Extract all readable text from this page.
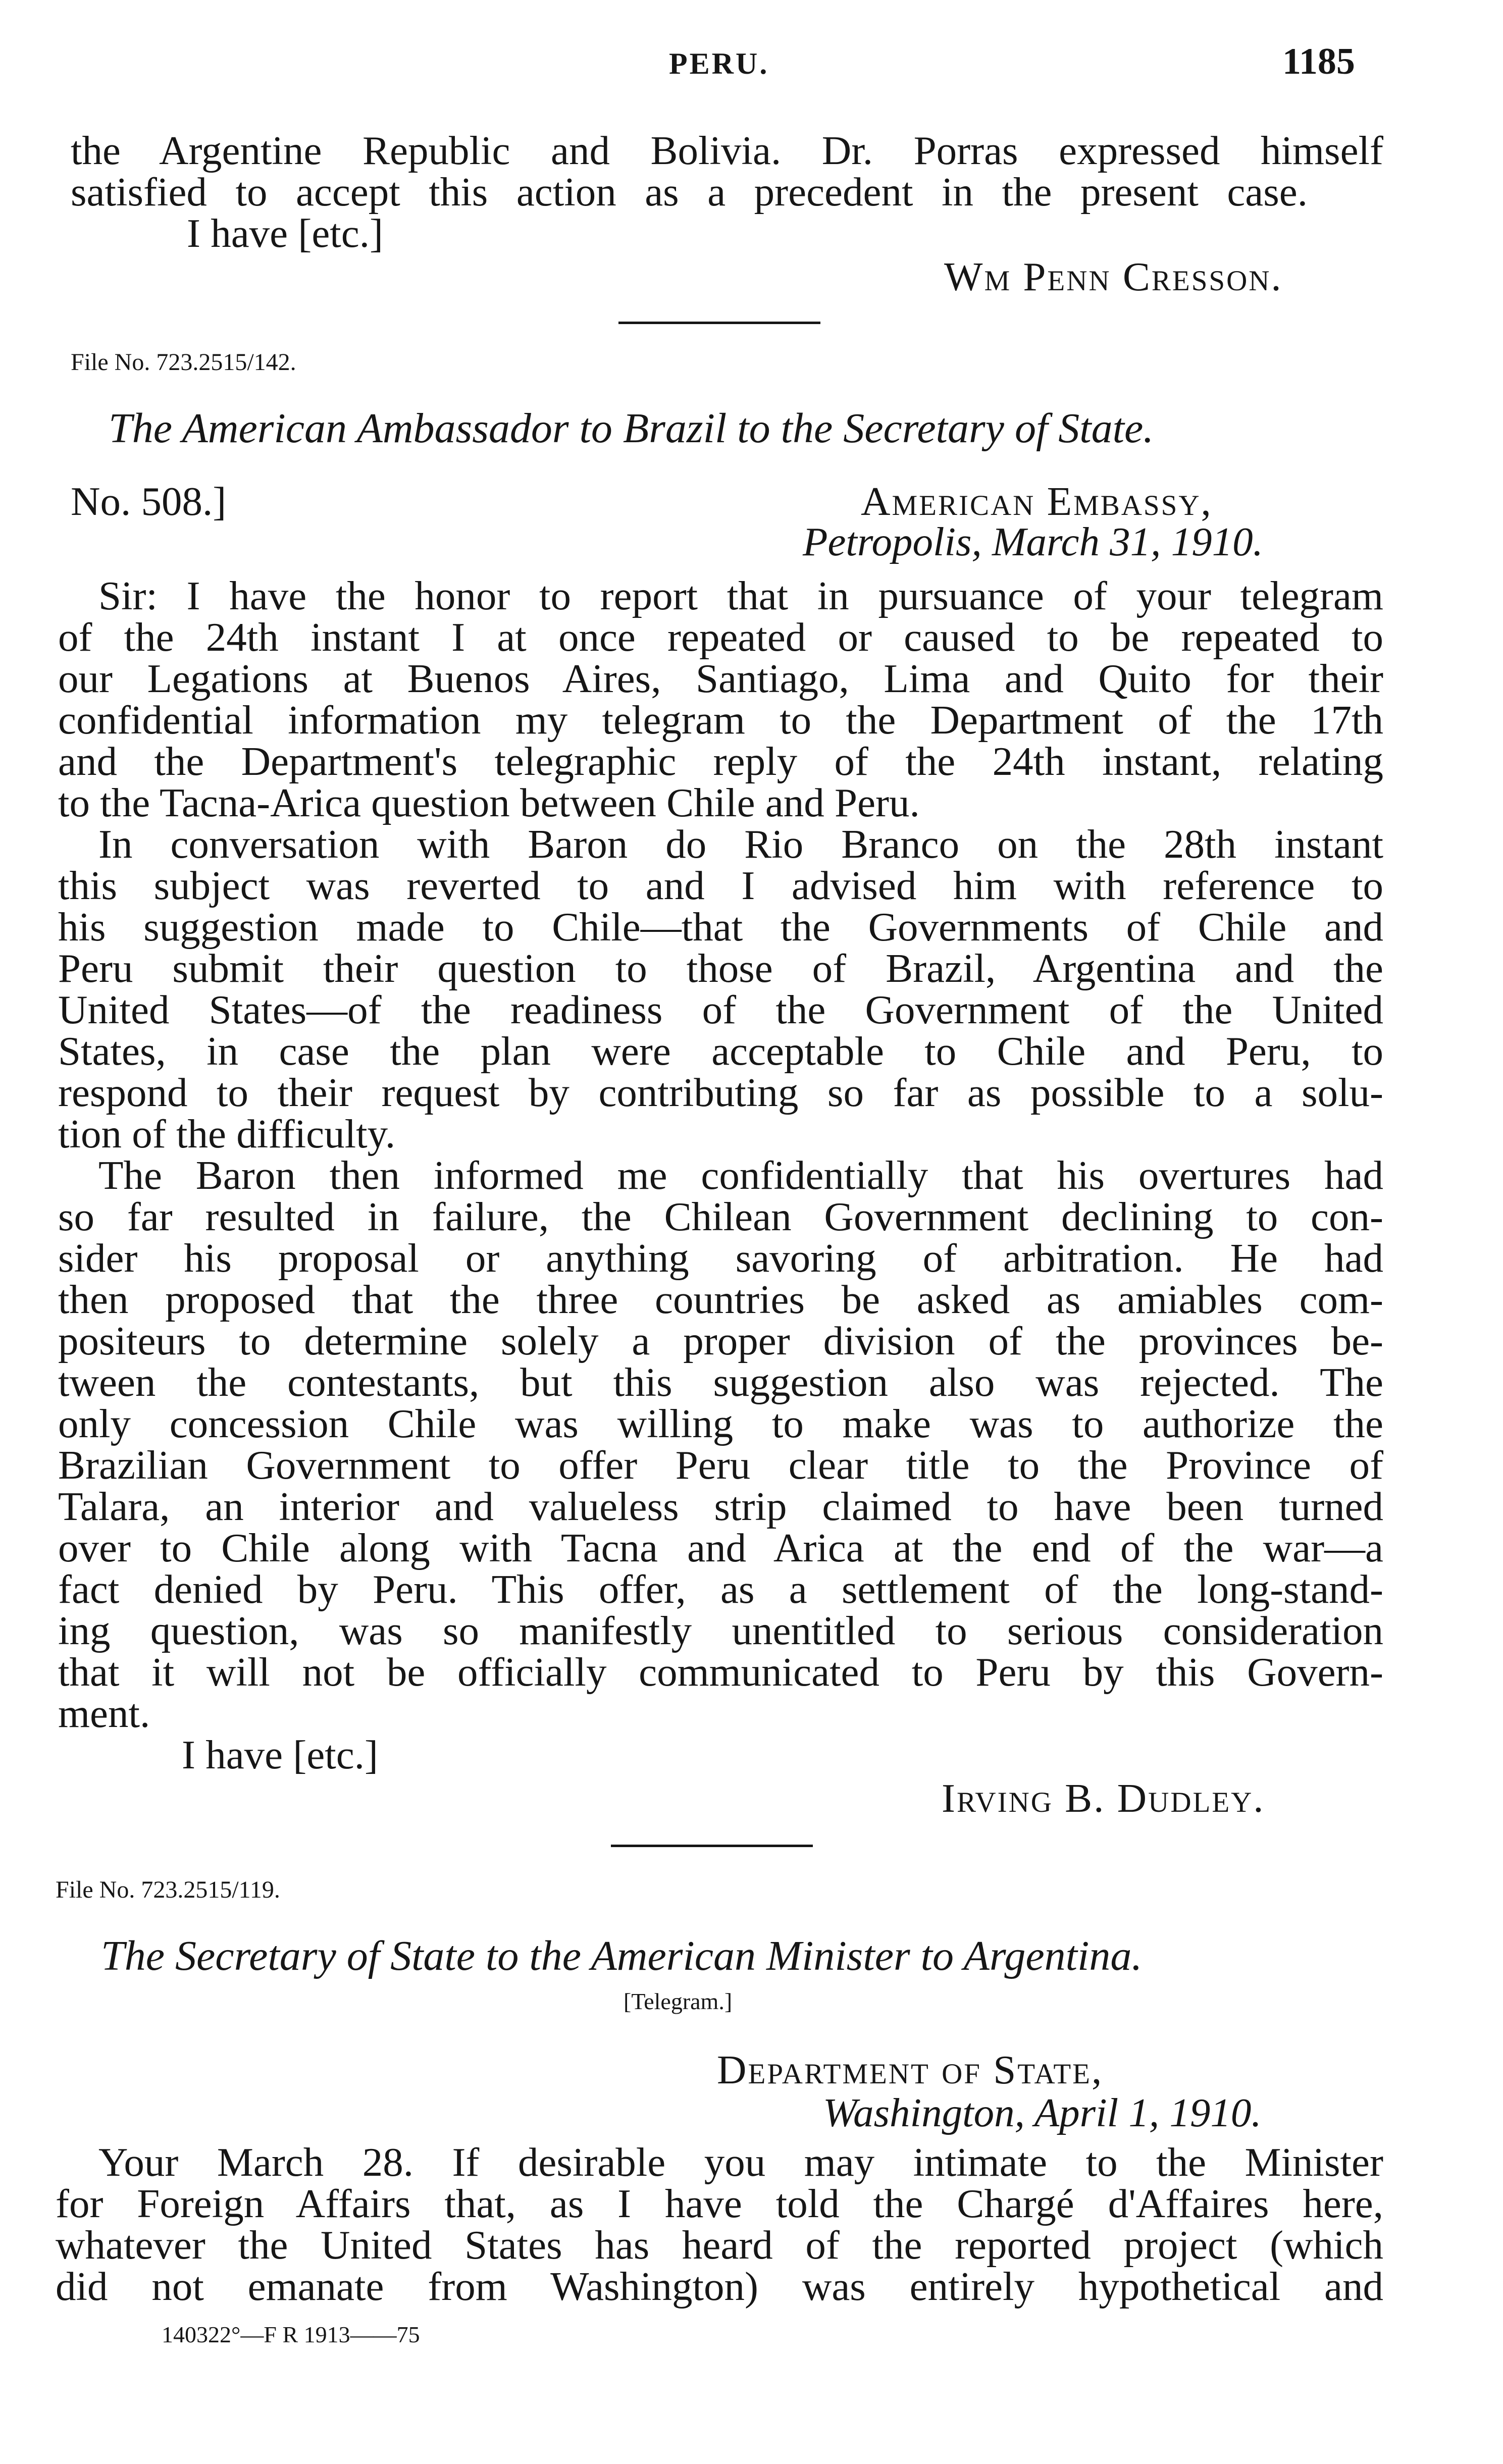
PERU.	1185
the Argentine Republic and Bolivia. Dr. Porras expressed himself
satisfied to accept this action as a precedent in the present case.
I have [etc.]
Wm Penn Cresson.
File No. 723.2515/142.
The American Ambassador to Brazil to the Secretary of State.
No. 508.]	American Embassy,
Petropolis, March 31, 1910.
Sir: I have the honor to report that in pursuance of your telegram
of the 24th instant I at once repeated or caused to be repeated to
our Legations at Buenos Aires, Santiago, Lima and Quito for their
confidential information my telegram to the Department of the 17th
and the Department's telegraphic reply of the 24th instant, relating
to the Tacna-Arica question between Chile and Peru.
In conversation with Baron do Rio Branco on the 28th instant
this subject was reverted to and I advised him with reference to
his suggestion made to Chile—that the Governments of Chile and
Peru submit their question to those of Brazil, Argentina and the
United States—of the readiness of the Government of the United
States, in case the plan were acceptable to Chile and Peru, to
respond to their request by contributing so far as possible to a solu-
tion of the difficulty.
The Baron then informed me confidentially that his overtures had
so far resulted in failure, the Chilean Government declining to con-
sider his proposal or anything savoring of arbitration. He had
then proposed that the three countries be asked as amiables com-
positeurs to determine solely a proper division of the provinces be-
tween the contestants, but this suggestion also was rejected. The
only concession Chile was willing to make was to authorize the
Brazilian Government to offer Peru clear title to the Province of
Talara, an interior and valueless strip claimed to have been turned
over to Chile along with Tacna and Arica at the end of the war—a
fact denied by Peru. This offer, as a settlement of the long-stand-
ing question, was so manifestly unentitled to serious consideration
that it will not be officially communicated to Peru by this Govern-
ment.
I have [etc.]
Irving B. Dudley.
File No. 723.2515/119.
The Secretary of State to the American Minister to Argentina.
[Telegram.]
Department of State,
Washington, April 1, 1910.
Your March 28. If desirable you may intimate to the Minister
for Foreign Affairs that, as I have told the Chargé d'Affaires here,
whatever the United States has heard of the reported project (which
did not emanate from Washington) was entirely hypothetical and
140322°—F R 1913——75
